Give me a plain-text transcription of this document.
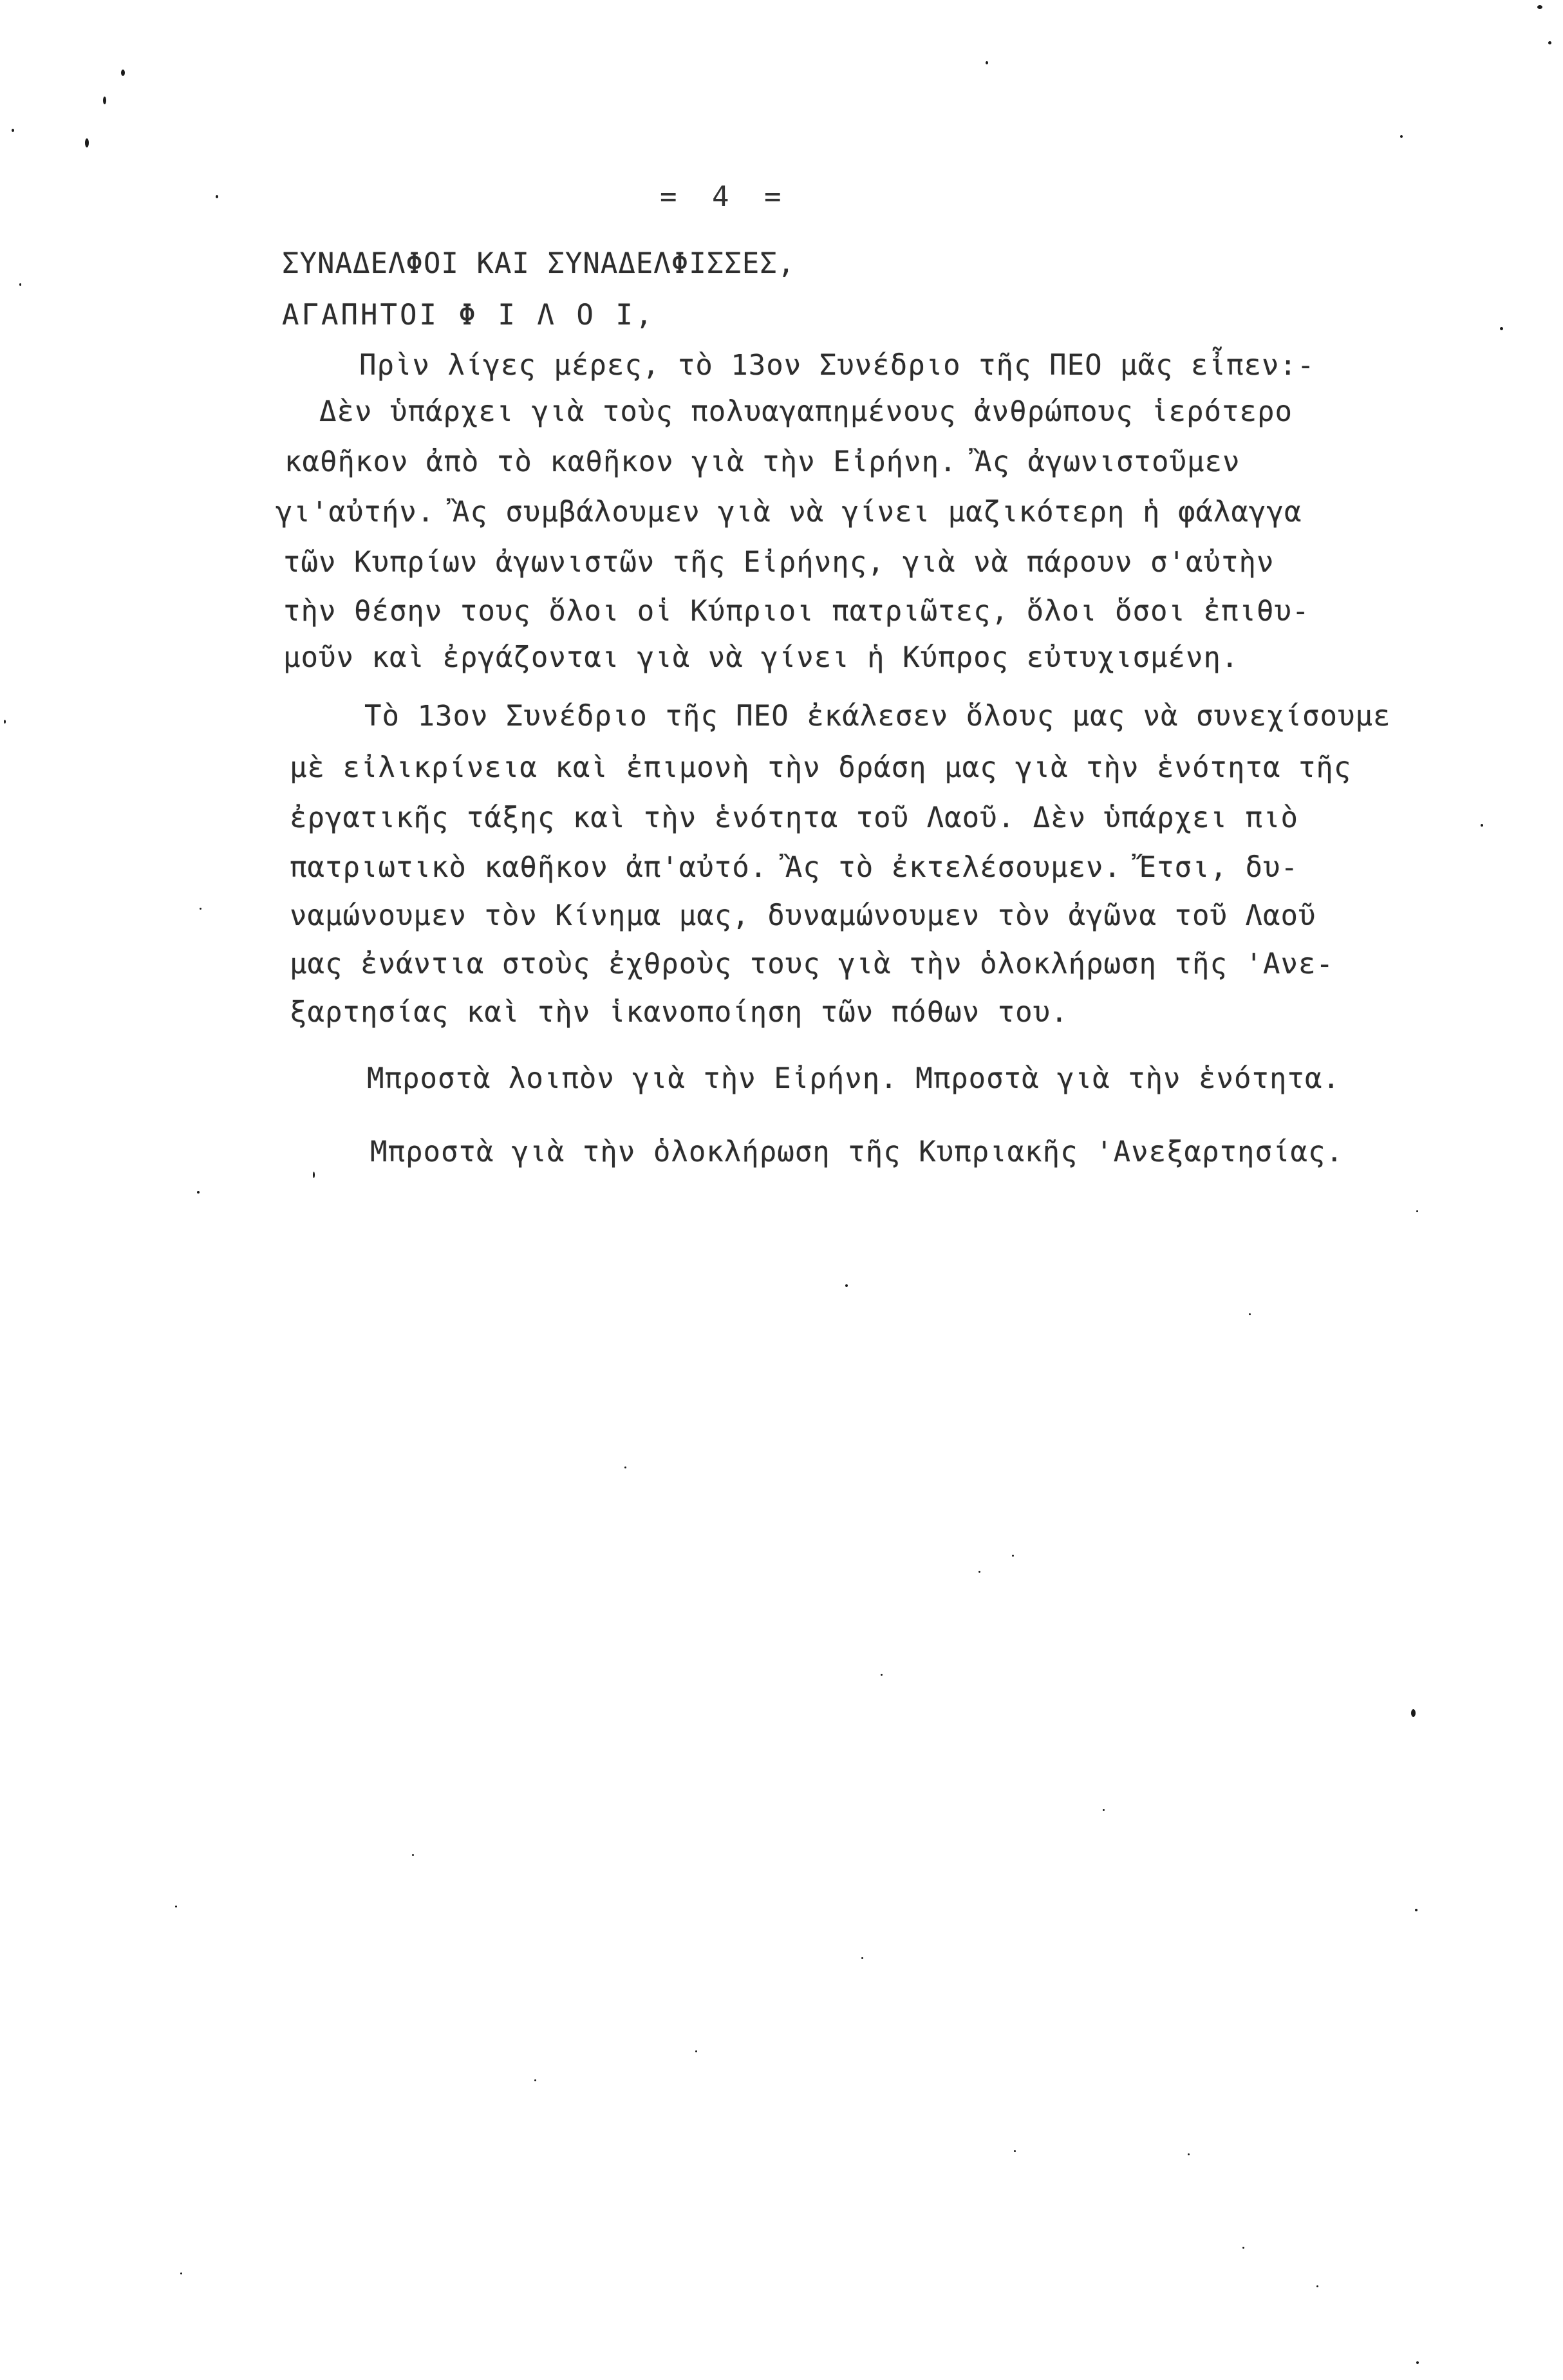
= 4 =
ΣΥΝΑΔΕΛΦΟΙ ΚΑΙ ΣΥΝΑΔΕΛΦΙΣΣΕΣ,
ΑΓΑΠΗΤΟΙ Φ Ι Λ Ο Ι,
Πρὶν λίγες μέρες, τὸ 13ον Συνέδριο τῆς ΠΕΟ μᾶς εἶπεν:-
Δὲν ὑπάρχει γιὰ τοὺς πολυαγαπημένους ἀνθρώπους ἱερότερο
καθῆκον ἀπὸ τὸ καθῆκον γιὰ τὴν Εἰρήνη. Ἂς ἀγωνιστοῦμεν
γι'αὐτήν. Ἂς συμβάλουμεν γιὰ νὰ γίνει μαζικότερη ἡ φάλαγγα
τῶν Κυπρίων ἀγωνιστῶν τῆς Εἰρήνης, γιὰ νὰ πάρουν σ'αὐτὴν
τὴν θέσην τους ὅλοι οἱ Κύπριοι πατριῶτες, ὅλοι ὅσοι ἐπιθυ-
μοῦν καὶ ἐργάζονται γιὰ νὰ γίνει ἡ Κύπρος εὐτυχισμένη.
Τὸ 13ον Συνέδριο τῆς ΠΕΟ ἐκάλεσεν ὅλους μας νὰ συνεχίσουμε
μὲ εἰλικρίνεια καὶ ἐπιμονὴ τὴν δράση μας γιὰ τὴν ἑνότητα τῆς
ἐργατικῆς τάξης καὶ τὴν ἑνότητα τοῦ Λαοῦ. Δὲν ὑπάρχει πιὸ
πατριωτικὸ καθῆκον ἀπ'αὐτό. Ἂς τὸ ἐκτελέσουμεν. Ἔτσι, δυ-
ναμώνουμεν τὸν Κίνημα μας, δυναμώνουμεν τὸν ἀγῶνα τοῦ Λαοῦ
μας ἐνάντια στοὺς ἐχθροὺς τους γιὰ τὴν ὁλοκλήρωση τῆς 'Ανε-
ξαρτησίας καὶ τὴν ἱκανοποίηση τῶν πόθων του.
Μπροστὰ λοιπὸν γιὰ τὴν Εἰρήνη. Μπροστὰ γιὰ τὴν ἑνότητα.
Μπροστὰ γιὰ τὴν ὁλοκλήρωση τῆς Κυπριακῆς 'Ανεξαρτησίας.
